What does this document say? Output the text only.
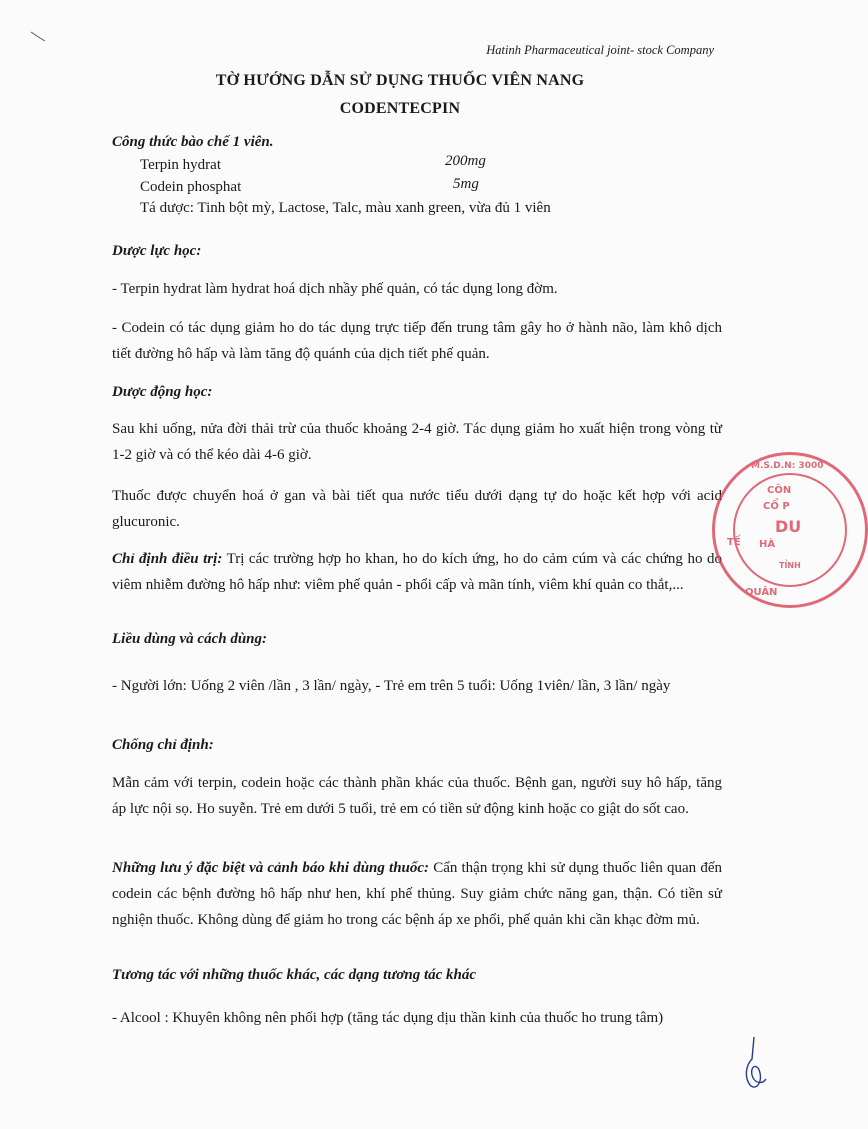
Hatinh Pharmaceutical joint- stock Company
TỜ HƯỚNG DẪN SỬ DỤNG THUỐC VIÊN NANG
CODENTECPIN
Công thức bào chế 1 viên.
Terpin hydrat	200mg
Codein phosphat	5mg
Tá dược: Tinh bột mỳ, Lactose, Talc, màu xanh green, vừa đủ 1 viên
Dược lực học:
- Terpin hydrat làm hydrat hoá dịch nhầy phế quản, có tác dụng long đờm.
- Codein có tác dụng giảm ho do tác dụng trực tiếp đến trung tâm gây ho ở hành não, làm khô dịch tiết đường hô hấp và làm tăng độ quánh của dịch tiết phế quản.
Dược động học:
Sau khi uống, nửa đời thải trừ của thuốc khoảng 2-4 giờ. Tác dụng giảm ho xuất hiện trong vòng từ 1-2 giờ và có thể kéo dài 4-6 giờ.
Thuốc được chuyển hoá ở gan và bài tiết qua nước tiểu dưới dạng tự do hoặc kết hợp với acid glucuronic.
Chỉ định điều trị: Trị các trường hợp ho khan, ho do kích ứng, ho do cảm cúm và các chứng ho do viêm nhiễm đường hô hấp như: viêm phế quản - phổi cấp và mãn tính, viêm khí quản co thắt,...
Liều dùng và cách dùng:
- Người lớn: Uống 2 viên /lần , 3 lần/ ngày, - Trẻ em trên 5 tuổi: Uống 1viên/ lần, 3 lần/ ngày
Chống chỉ định:
Mẫn cảm với terpin, codein hoặc các thành phần khác của thuốc. Bệnh gan, người suy hô hấp, tăng áp lực nội sọ. Ho suyễn. Trẻ em dưới 5 tuổi, trẻ em có tiền sử động kinh hoặc co giật do sốt cao.
Những lưu ý đặc biệt và cảnh báo khi dùng thuốc: Cẩn thận trọng khi sử dụng thuốc liên quan đến codein các bệnh đường hô hấp như hen, khí phế thủng. Suy giảm chức năng gan, thận. Có tiền sử nghiện thuốc. Không dùng để giảm ho trong các bệnh áp xe phổi, phế quản khi cần khạc đờm mủ.
Tương tác với những thuốc khác, các dạng tương tác khác
- Alcool : Khuyên không nên phối hợp (tăng tác dụng dịu thần kinh của thuốc ho trung tâm)
M.S.D.N: 3000
CÔN
CỔ P
DU
TẾ HÀ
TỈNH
QUÂN
